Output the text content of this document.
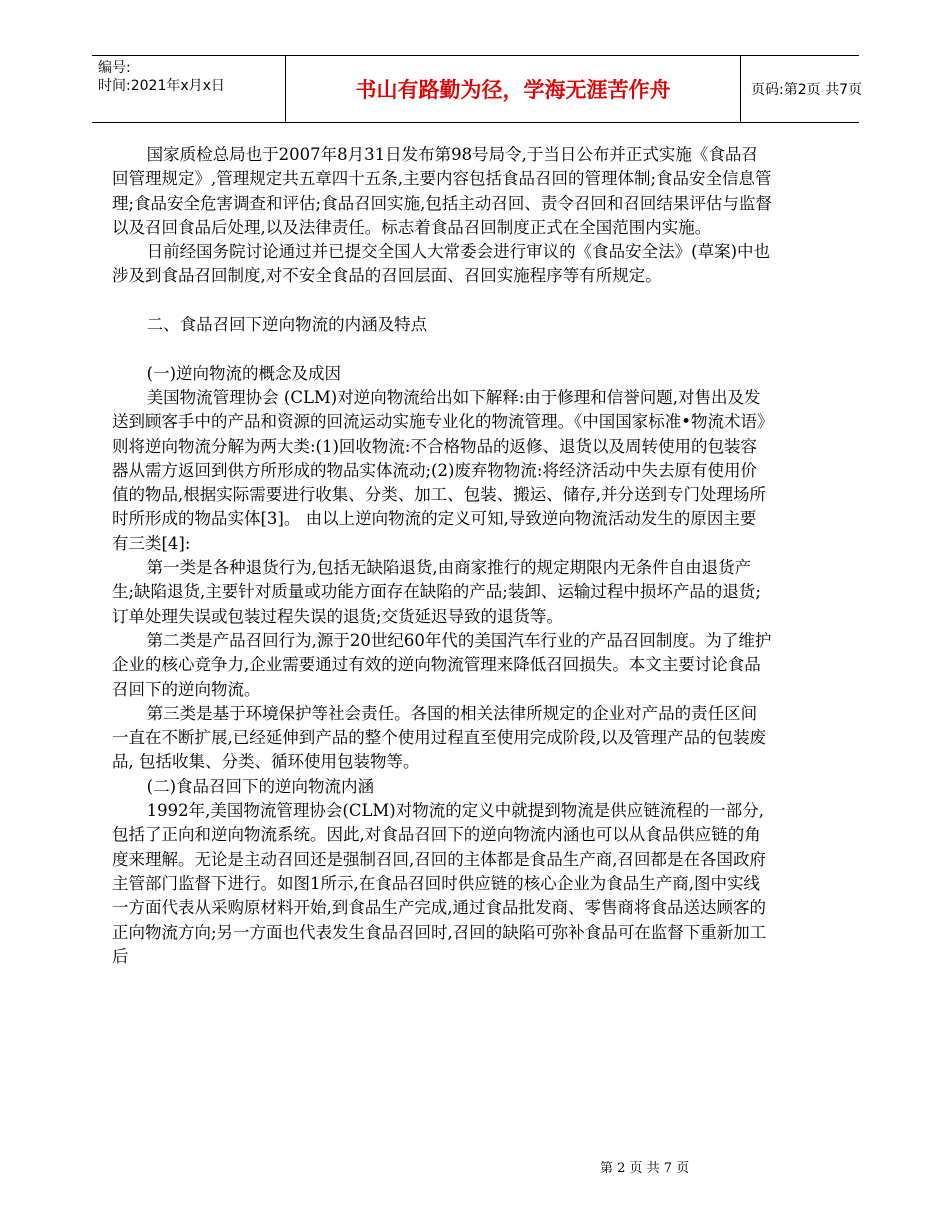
编号:
时间:2021年x月x日	书山有路勤为径，学海无涯苦作舟	页码:第2页 共7页

国家质检总局也于2007年8月31日发布第98号局令,于当日公布并正式实施《食品召回管理规定》,管理规定共五章四十五条,主要内容包括食品召回的管理体制;食品安全信息管理;食品安全危害调查和评估;食品召回实施,包括主动召回、责令召回和召回结果评估与监督以及召回食品后处理,以及法律责任。标志着食品召回制度正式在全国范围内实施。

日前经国务院讨论通过并已提交全国人大常委会进行审议的《食品安全法》(草案)中也涉及到食品召回制度,对不安全食品的召回层面、召回实施程序等有所规定。

二、食品召回下逆向物流的内涵及特点

(一)逆向物流的概念及成因

美国物流管理协会 (CLM)对逆向物流给出如下解释:由于修理和信誉问题,对售出及发送到顾客手中的产品和资源的回流运动实施专业化的物流管理。《中国国家标准•物流术语》则将逆向物流分解为两大类:(1)回收物流:不合格物品的返修、退货以及周转使用的包装容器从需方返回到供方所形成的物品实体流动;(2)废弃物物流:将经济活动中失去原有使用价值的物品,根据实际需要进行收集、分类、加工、包装、搬运、储存,并分送到专门处理场所时所形成的物品实体[3]。 由以上逆向物流的定义可知,导致逆向物流活动发生的原因主要有三类[4]:

第一类是各种退货行为,包括无缺陷退货,由商家推行的规定期限内无条件自由退货产生;缺陷退货,主要针对质量或功能方面存在缺陷的产品;装卸、运输过程中损坏产品的退货;订单处理失误或包装过程失误的退货;交货延迟导致的退货等。

第二类是产品召回行为,源于20世纪60年代的美国汽车行业的产品召回制度。为了维护企业的核心竞争力,企业需要通过有效的逆向物流管理来降低召回损失。本文主要讨论食品召回下的逆向物流。

第三类是基于环境保护等社会责任。各国的相关法律所规定的企业对产品的责任区间一直在不断扩展,已经延伸到产品的整个使用过程直至使用完成阶段,以及管理产品的包装废品, 包括收集、分类、循环使用包装物等。

(二)食品召回下的逆向物流内涵

1992年,美国物流管理协会(CLM)对物流的定义中就提到物流是供应链流程的一部分,包括了正向和逆向物流系统。因此,对食品召回下的逆向物流内涵也可以从食品供应链的角度来理解。无论是主动召回还是强制召回,召回的主体都是食品生产商,召回都是在各国政府主管部门监督下进行。如图1所示,在食品召回时供应链的核心企业为食品生产商,图中实线一方面代表从采购原材料开始,到食品生产完成,通过食品批发商、零售商将食品送达顾客的正向物流方向;另一方面也代表发生食品召回时,召回的缺陷可弥补食品可在监督下重新加工后

第 2 页 共 7 页
